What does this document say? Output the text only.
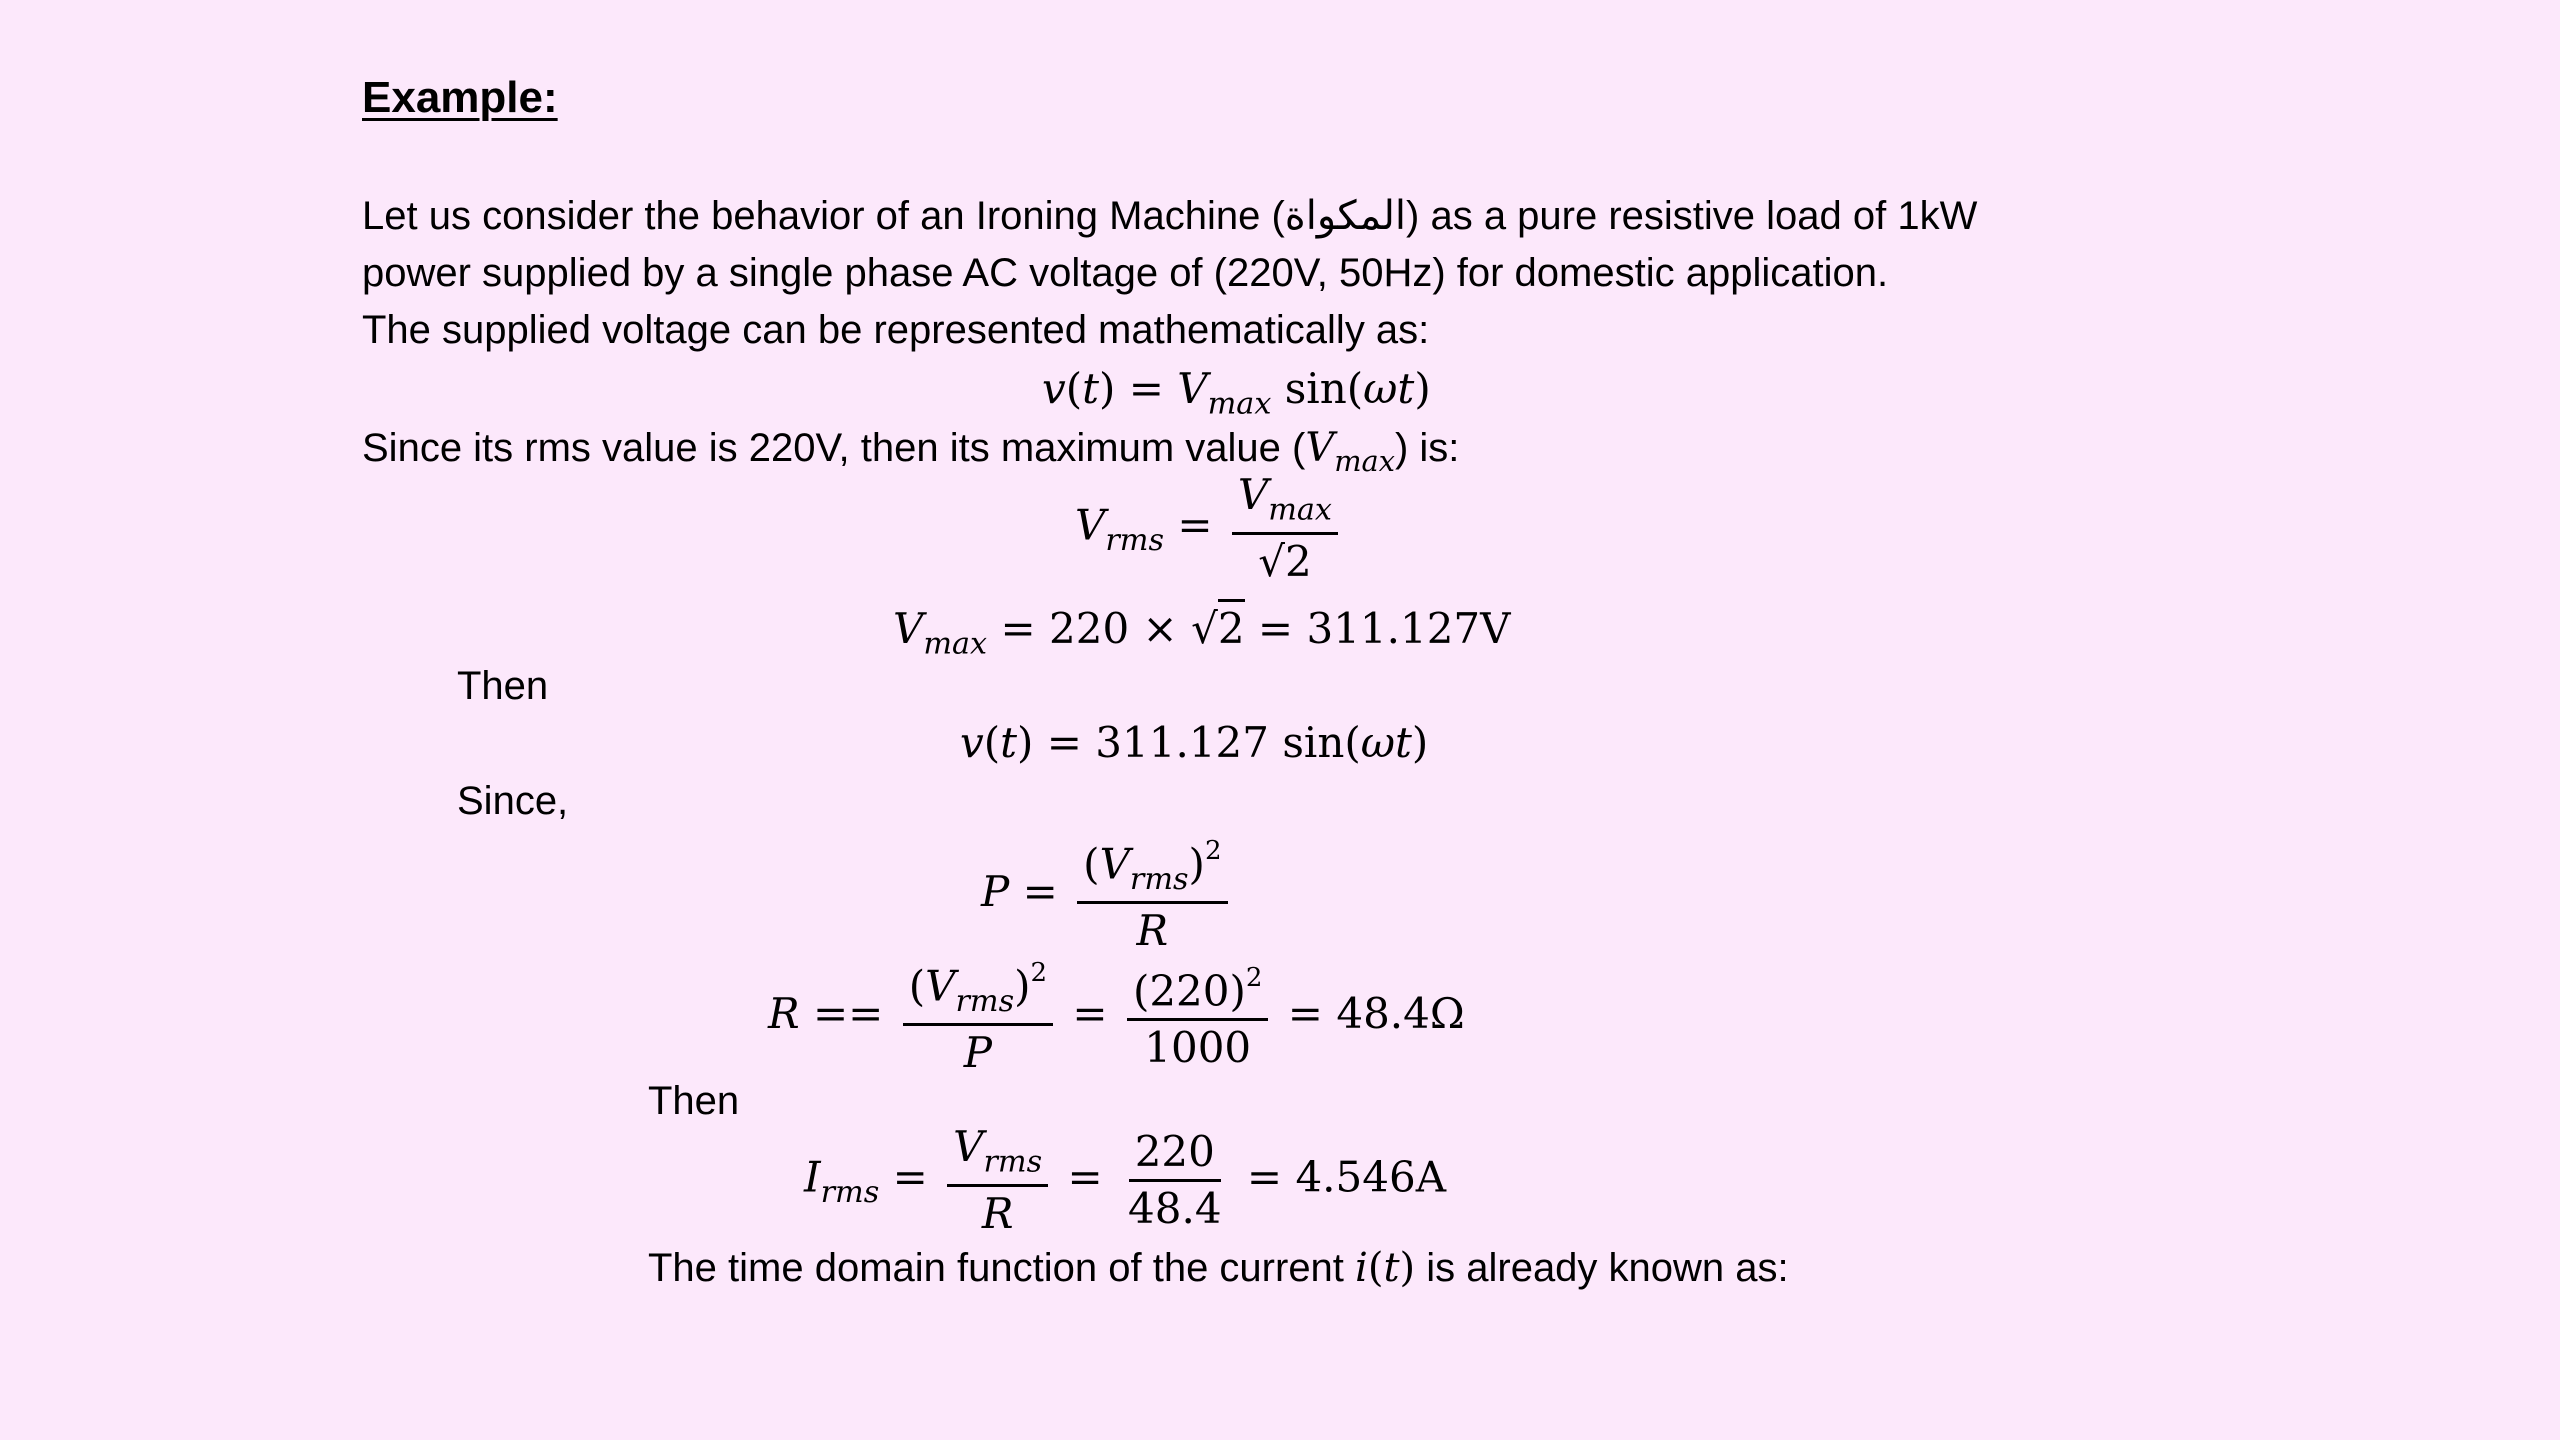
Example:
Let us consider the behavior of an Ironing Machine (المكواة) as a pure resistive load of 1kW
power supplied by a single phase AC voltage of (220V, 50Hz) for domestic application.
The supplied voltage can be represented mathematically as:
$v(t) = V_{max}$ sin(ωt)
Since its rms value is 220V, then its maximum value $(V_{max})$ is:
$V_{rms} = \frac{V_{max}}{√2}$
$V_{max} = 220 \times √2 = 311.127V$
Then
v(t) = 311.127 sin(ωt)
Since,
$P = \frac{(V_{rms})^2}{R}$
$R == \frac{(V_{rms})^2}{P} = \frac{(220)^2}{1000} = 48.4\Omega$
Then
$I_{rms} = \frac{V_{rms}}{R} = \frac{220}{48.4} = 4.546A$
The time domain function of the current i(t) is already known as:
